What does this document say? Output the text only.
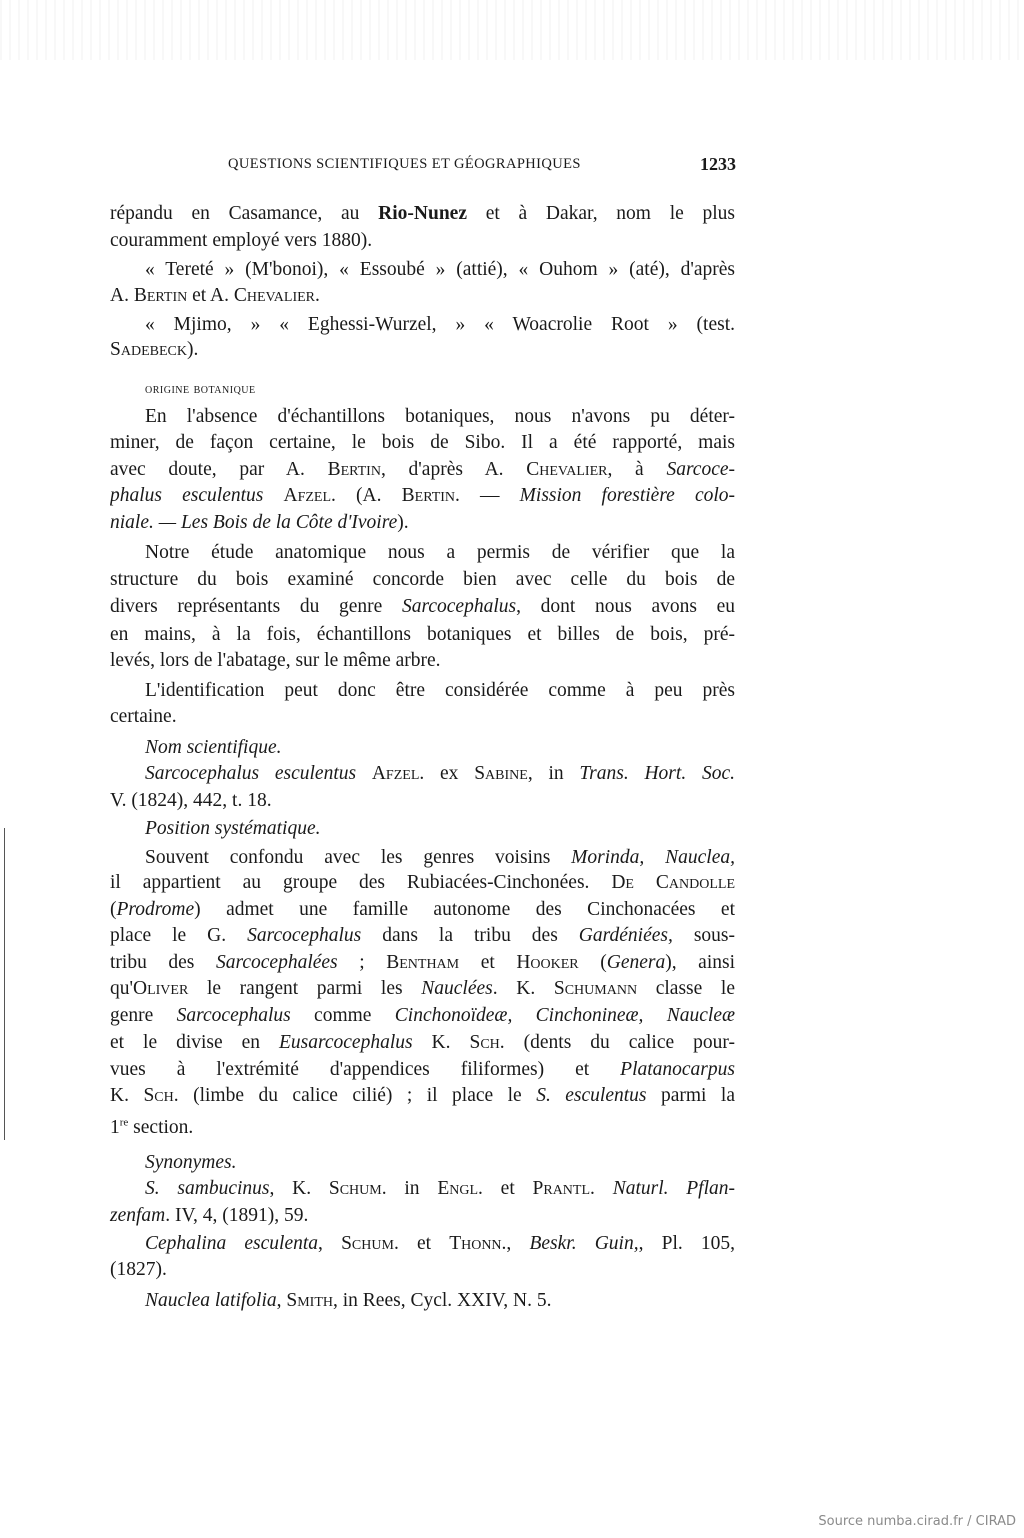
QUESTIONS SCIENTIFIQUES ET GÉOGRAPHIQUES	1233
répandu en Casamance, au Rio-Nunez et à Dakar, nom le plus
couramment employé vers 1880).
« Tereté » (M'bonoi), « Essoubé » (attié), « Ouhom » (até), d'après
A. Bertin et A. Chevalier.
« Mjimo, » « Eghessi-Wurzel, » « Woacrolie Root » (test.
Sadebeck).
origine botanique
En l'absence d'échantillons botaniques, nous n'avons pu déter-
miner, de façon certaine, le bois de Sibo. Il a été rapporté, mais
avec doute, par A. Bertin, d'après A. Chevalier, à Sarcoce-
phalus esculentus Afzel. (A. Bertin. — Mission forestière colo-
niale. — Les Bois de la Côte d'Ivoire).
Notre étude anatomique nous a permis de vérifier que la
structure du bois examiné concorde bien avec celle du bois de
divers représentants du genre Sarcocephalus, dont nous avons eu
en mains, à la fois, échantillons botaniques et billes de bois, pré-
levés, lors de l'abatage, sur le même arbre.
L'identification peut donc être considérée comme à peu près
certaine.
Nom scientifique.
Sarcocephalus esculentus Afzel. ex Sabine, in Trans. Hort. Soc.
V. (1824), 442, t. 18.
Position systématique.
Souvent confondu avec les genres voisins Morinda, Nauclea,
il appartient au groupe des Rubiacées-Cinchonées. De Candolle
(Prodrome) admet une famille autonome des Cinchonacées et
place le G. Sarcocephalus dans la tribu des Gardéniées, sous-
tribu des Sarcocephalées ; Bentham et Hooker (Genera), ainsi
qu'Oliver le rangent parmi les Nauclées. K. Schumann classe le
genre Sarcocephalus comme Cinchonoïdeæ, Cinchonineæ, Naucleæ
et le divise en Eusarcocephalus K. Sch. (dents du calice pour-
vues à l'extrémité d'appendices filiformes) et Platanocarpus
K. Sch. (limbe du calice cilié) ; il place le S. esculentus parmi la
1re section.
Synonymes.
S. sambucinus, K. Schum. in Engl. et Prantl. Naturl. Pflan-
zenfam. IV, 4, (1891), 59.
Cephalina esculenta, Schum. et Thonn., Beskr. Guin,, Pl. 105,
(1827).
Nauclea latifolia, Smith, in Rees, Cycl. XXIV, N. 5.
Source numba.cirad.fr / CIRAD
